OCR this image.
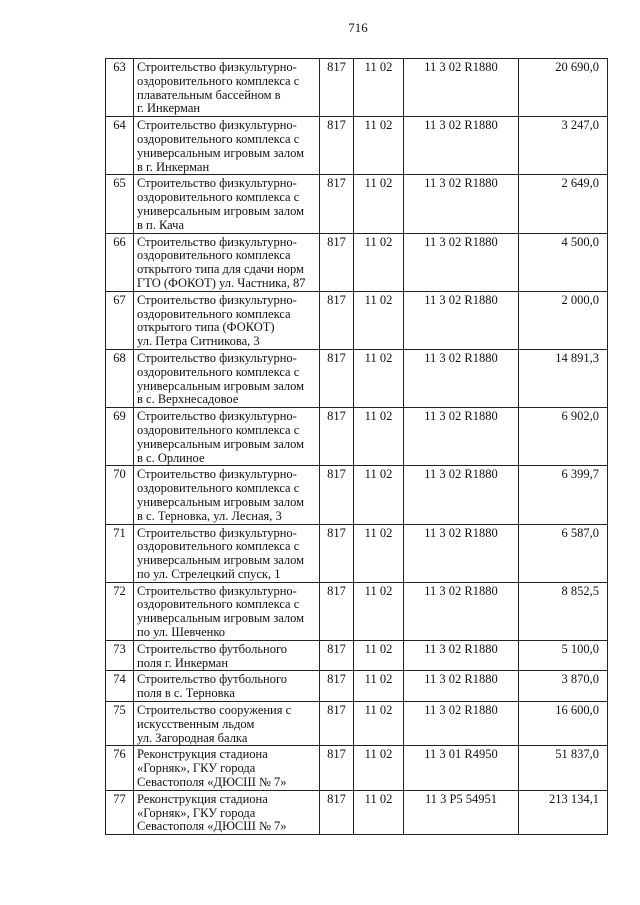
716
63	Строительство физкультурно-
оздоровительного комплекса с
плавательным бассейном в
г. Инкерман	817	11 02	11 3 02 R1880	20 690,0
64	Строительство физкультурно-
оздоровительного комплекса с
универсальным игровым залом
в г. Инкерман	817	11 02	11 3 02 R1880	3 247,0
65	Строительство физкультурно-
оздоровительного комплекса с
универсальным игровым залом
в п. Кача	817	11 02	11 3 02 R1880	2 649,0
66	Строительство физкультурно-
оздоровительного комплекса
открытого типа для сдачи норм
ГТО (ФОКОТ) ул. Частника, 87	817	11 02	11 3 02 R1880	4 500,0
67	Строительство физкультурно-
оздоровительного комплекса
открытого типа (ФОКОТ)
ул. Петра Ситникова, 3	817	11 02	11 3 02 R1880	2 000,0
68	Строительство физкультурно-
оздоровительного комплекса с
универсальным игровым залом
в с. Верхнесадовое	817	11 02	11 3 02 R1880	14 891,3
69	Строительство физкультурно-
оздоровительного комплекса с
универсальным игровым залом
в с. Орлиное	817	11 02	11 3 02 R1880	6 902,0
70	Строительство физкультурно-
оздоровительного комплекса с
универсальным игровым залом
в с. Терновка, ул. Лесная, 3	817	11 02	11 3 02 R1880	6 399,7
71	Строительство физкультурно-
оздоровительного комплекса с
универсальным игровым залом
по ул. Стрелецкий спуск, 1	817	11 02	11 3 02 R1880	6 587,0
72	Строительство физкультурно-
оздоровительного комплекса с
универсальным игровым залом
по ул. Шевченко	817	11 02	11 3 02 R1880	8 852,5
73	Строительство футбольного
поля г. Инкерман	817	11 02	11 3 02 R1880	5 100,0
74	Строительство футбольного
поля в с. Терновка	817	11 02	11 3 02 R1880	3 870,0
75	Строительство сооружения с
искусственным льдом
ул. Загородная балка	817	11 02	11 3 02 R1880	16 600,0
76	Реконструкция стадиона
«Горняк», ГКУ города
Севастополя «ДЮСШ № 7»	817	11 02	11 3 01 R4950	51 837,0
77	Реконструкция стадиона
«Горняк», ГКУ города
Севастополя «ДЮСШ № 7»	817	11 02	11 3 P5 54951	213 134,1
